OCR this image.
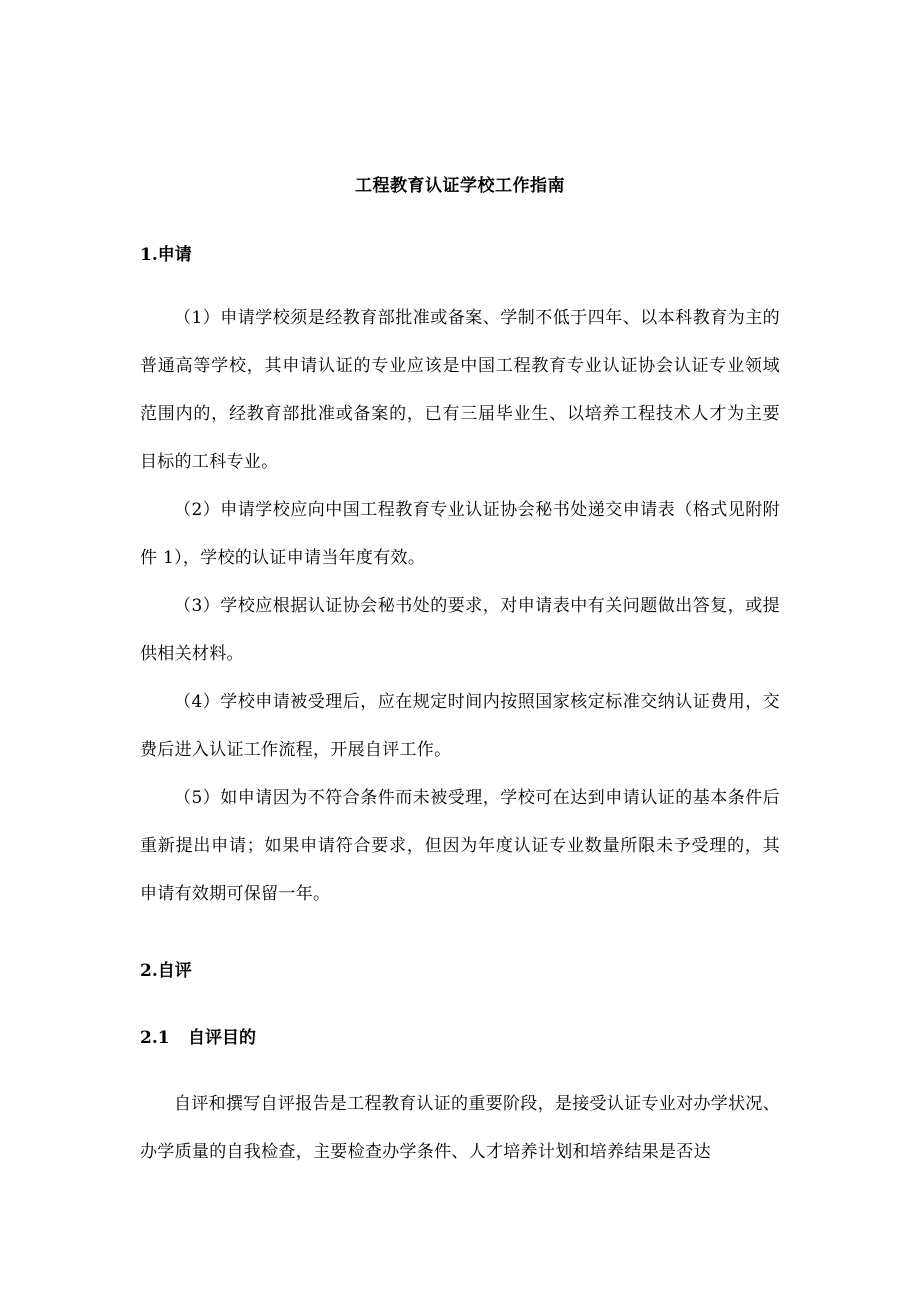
工程教育认证学校工作指南
1.申请

（1）申请学校须是经教育部批准或备案、学制不低于四年、以本科教育为主的普通高等学校，其申请认证的专业应该是中国工程教育专业认证协会认证专业领域范围内的，经教育部批准或备案的，已有三届毕业生、以培养工程技术人才为主要目标的工科专业。

（2）申请学校应向中国工程教育专业认证协会秘书处递交申请表（格式见附附件 1），学校的认证申请当年度有效。

（3）学校应根据认证协会秘书处的要求，对申请表中有关问题做出答复，或提供相关材料。

（4）学校申请被受理后，应在规定时间内按照国家核定标准交纳认证费用，交费后进入认证工作流程，开展自评工作。

（5）如申请因为不符合条件而未被受理，学校可在达到申请认证的基本条件后重新提出申请；如果申请符合要求，但因为年度认证专业数量所限未予受理的，其申请有效期可保留一年。

2.自评
2.1 自评目的

自评和撰写自评报告是工程教育认证的重要阶段，是接受认证专业对办学状况、办学质量的自我检查，主要检查办学条件、人才培养计划和培养结果是否达
